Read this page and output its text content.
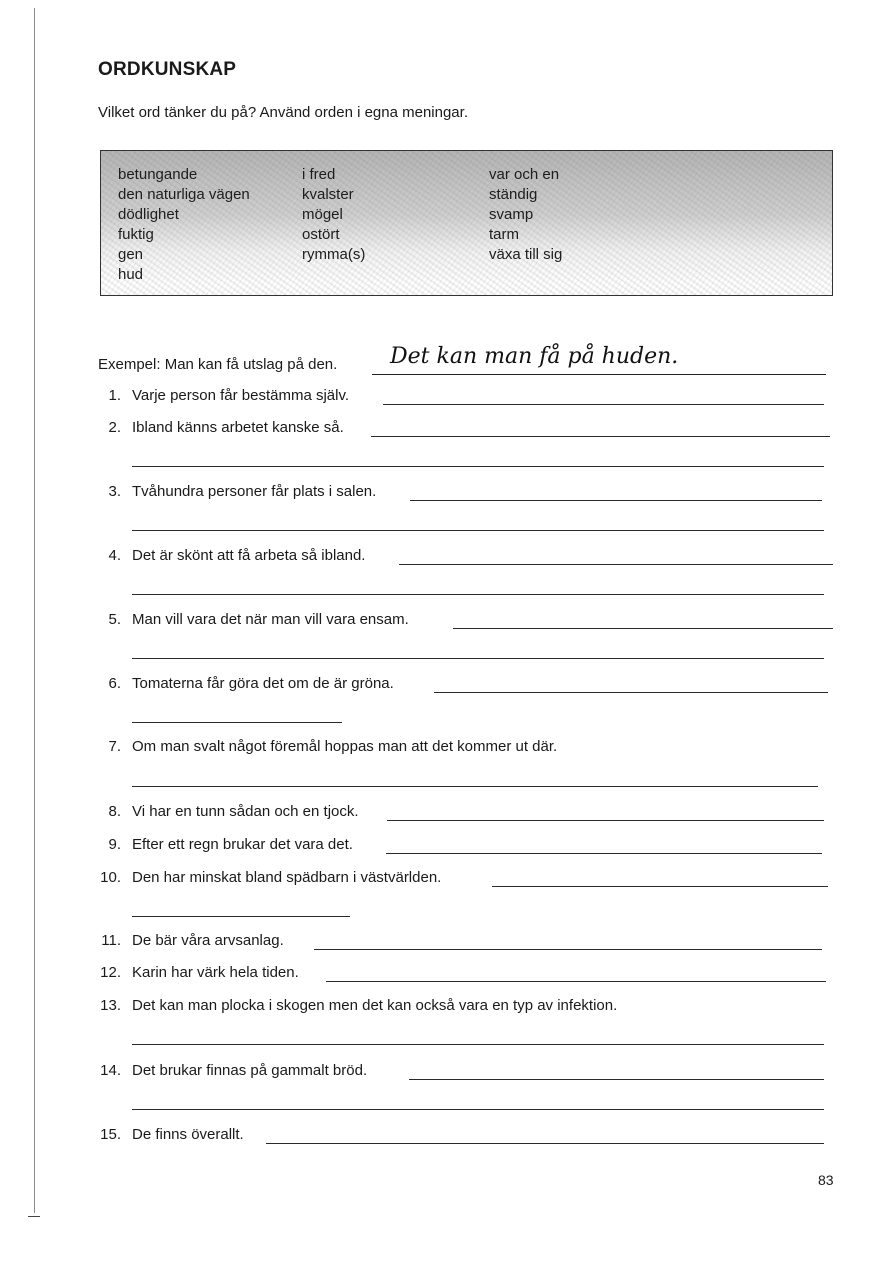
ORDKUNSKAP
Vilket ord tänker du på? Använd orden i egna meningar.
betungande
den naturliga vägen
dödlighet
fuktig
gen
hud
i fred
kvalster
mögel
ostört
rymma(s)
var och en
ständig
svamp
tarm
växa till sig
Exempel: Man kan få utslag på den. Det kan man få på huden.
1. Varje person får bestämma själv.
2. Ibland känns arbetet kanske så.
3. Tvåhundra personer får plats i salen.
4. Det är skönt att få arbeta så ibland.
5. Man vill vara det när man vill vara ensam.
6. Tomaterna får göra det om de är gröna.
7. Om man svalt något föremål hoppas man att det kommer ut där.
8. Vi har en tunn sådan och en tjock.
9. Efter ett regn brukar det vara det.
10. Den har minskat bland spädbarn i västvärlden.
11. De bär våra arvsanlag.
12. Karin har värk hela tiden.
13. Det kan man plocka i skogen men det kan också vara en typ av infektion.
14. Det brukar finnas på gammalt bröd.
15. De finns överallt.
83
